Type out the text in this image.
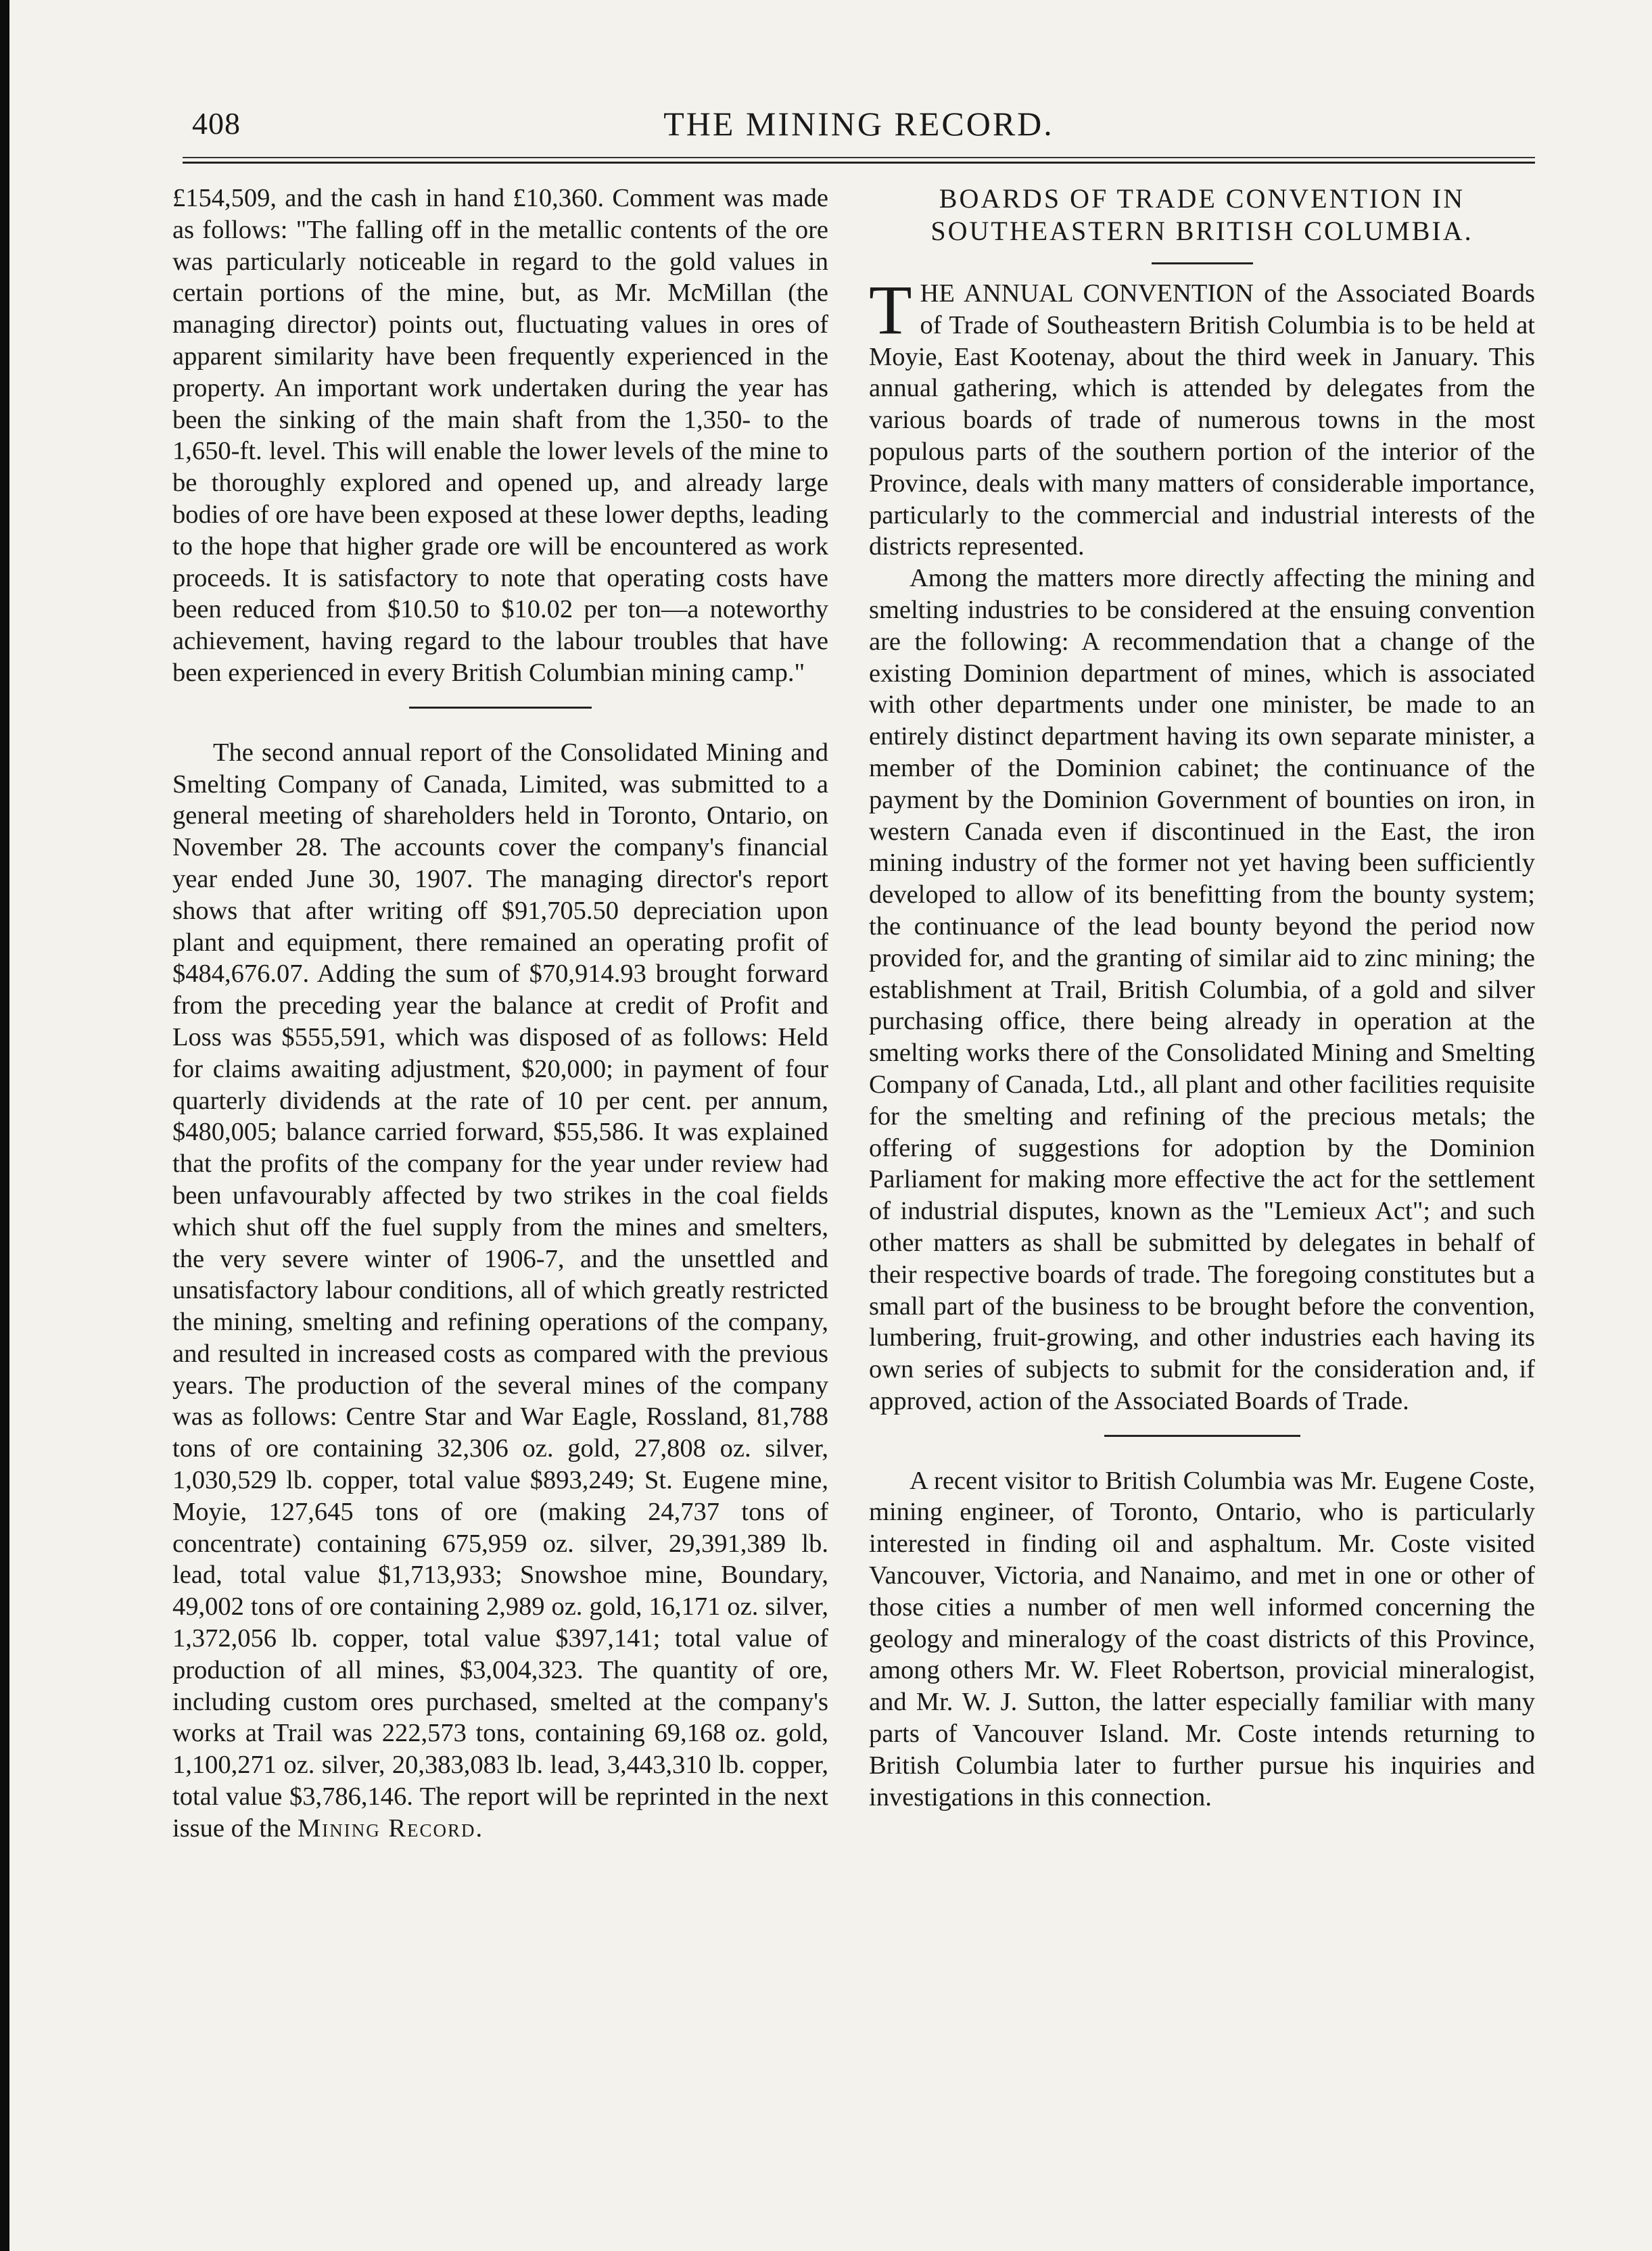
408	THE MINING RECORD.

£154,509, and the cash in hand £10,360. Comment was made as follows: "The falling off in the metallic contents of the ore was particularly noticeable in regard to the gold values in certain portions of the mine, but, as Mr. McMillan (the managing director) points out, fluctuating values in ores of apparent similarity have been frequently experienced in the property. An important work undertaken during the year has been the sinking of the main shaft from the 1,350- to the 1,650-ft. level. This will enable the lower levels of the mine to be thoroughly explored and opened up, and already large bodies of ore have been exposed at these lower depths, leading to the hope that higher grade ore will be encountered as work proceeds. It is satisfactory to note that operating costs have been reduced from $10.50 to $10.02 per ton—a noteworthy achievement, having regard to the labour troubles that have been experienced in every British Columbian mining camp."

The second annual report of the Consolidated Mining and Smelting Company of Canada, Limited, was submitted to a general meeting of shareholders held in Toronto, Ontario, on November 28. The accounts cover the company's financial year ended June 30, 1907. The managing director's report shows that after writing off $91,705.50 depreciation upon plant and equipment, there remained an operating profit of $484,676.07. Adding the sum of $70,914.93 brought forward from the preceding year the balance at credit of Profit and Loss was $555,591, which was disposed of as follows: Held for claims awaiting adjustment, $20,000; in payment of four quarterly dividends at the rate of 10 per cent. per annum, $480,005; balance carried forward, $55,586. It was explained that the profits of the company for the year under review had been unfavourably affected by two strikes in the coal fields which shut off the fuel supply from the mines and smelters, the very severe winter of 1906-7, and the unsettled and unsatisfactory labour conditions, all of which greatly restricted the mining, smelting and refining operations of the company, and resulted in increased costs as compared with the previous years. The production of the several mines of the company was as follows: Centre Star and War Eagle, Rossland, 81,788 tons of ore containing 32,306 oz. gold, 27,808 oz. silver, 1,030,529 lb. copper, total value $893,249; St. Eugene mine, Moyie, 127,645 tons of ore (making 24,737 tons of concentrate) containing 675,959 oz. silver, 29,391,389 lb. lead, total value $1,713,933; Snowshoe mine, Boundary, 49,002 tons of ore containing 2,989 oz. gold, 16,171 oz. silver, 1,372,056 lb. copper, total value $397,141; total value of production of all mines, $3,004,323. The quantity of ore, including custom ores purchased, smelted at the company's works at Trail was 222,573 tons, containing 69,168 oz. gold, 1,100,271 oz. silver, 20,383,083 lb. lead, 3,443,310 lb. copper, total value $3,786,146. The report will be reprinted in the next issue of the Mining Record.

BOARDS OF TRADE CONVENTION IN
SOUTHEASTERN BRITISH COLUMBIA.

THE ANNUAL CONVENTION of the Associated Boards of Trade of Southeastern British Columbia is to be held at Moyie, East Kootenay, about the third week in January. This annual gathering, which is attended by delegates from the various boards of trade of numerous towns in the most populous parts of the southern portion of the interior of the Province, deals with many matters of considerable importance, particularly to the commercial and industrial interests of the districts represented.

Among the matters more directly affecting the mining and smelting industries to be considered at the ensuing convention are the following: A recommendation that a change of the existing Dominion department of mines, which is associated with other departments under one minister, be made to an entirely distinct department having its own separate minister, a member of the Dominion cabinet; the continuance of the payment by the Dominion Government of bounties on iron, in western Canada even if discontinued in the East, the iron mining industry of the former not yet having been sufficiently developed to allow of its benefitting from the bounty system; the continuance of the lead bounty beyond the period now provided for, and the granting of similar aid to zinc mining; the establishment at Trail, British Columbia, of a gold and silver purchasing office, there being already in operation at the smelting works there of the Consolidated Mining and Smelting Company of Canada, Ltd., all plant and other facilities requisite for the smelting and refining of the precious metals; the offering of suggestions for adoption by the Dominion Parliament for making more effective the act for the settlement of industrial disputes, known as the "Lemieux Act"; and such other matters as shall be submitted by delegates in behalf of their respective boards of trade. The foregoing constitutes but a small part of the business to be brought before the convention, lumbering, fruit-growing, and other industries each having its own series of subjects to submit for the consideration and, if approved, action of the Associated Boards of Trade.

A recent visitor to British Columbia was Mr. Eugene Coste, mining engineer, of Toronto, Ontario, who is particularly interested in finding oil and asphaltum. Mr. Coste visited Vancouver, Victoria, and Nanaimo, and met in one or other of those cities a number of men well informed concerning the geology and mineralogy of the coast districts of this Province, among others Mr. W. Fleet Robertson, provicial mineralogist, and Mr. W. J. Sutton, the latter especially familiar with many parts of Vancouver Island. Mr. Coste intends returning to British Columbia later to further pursue his inquiries and investigations in this connection.
